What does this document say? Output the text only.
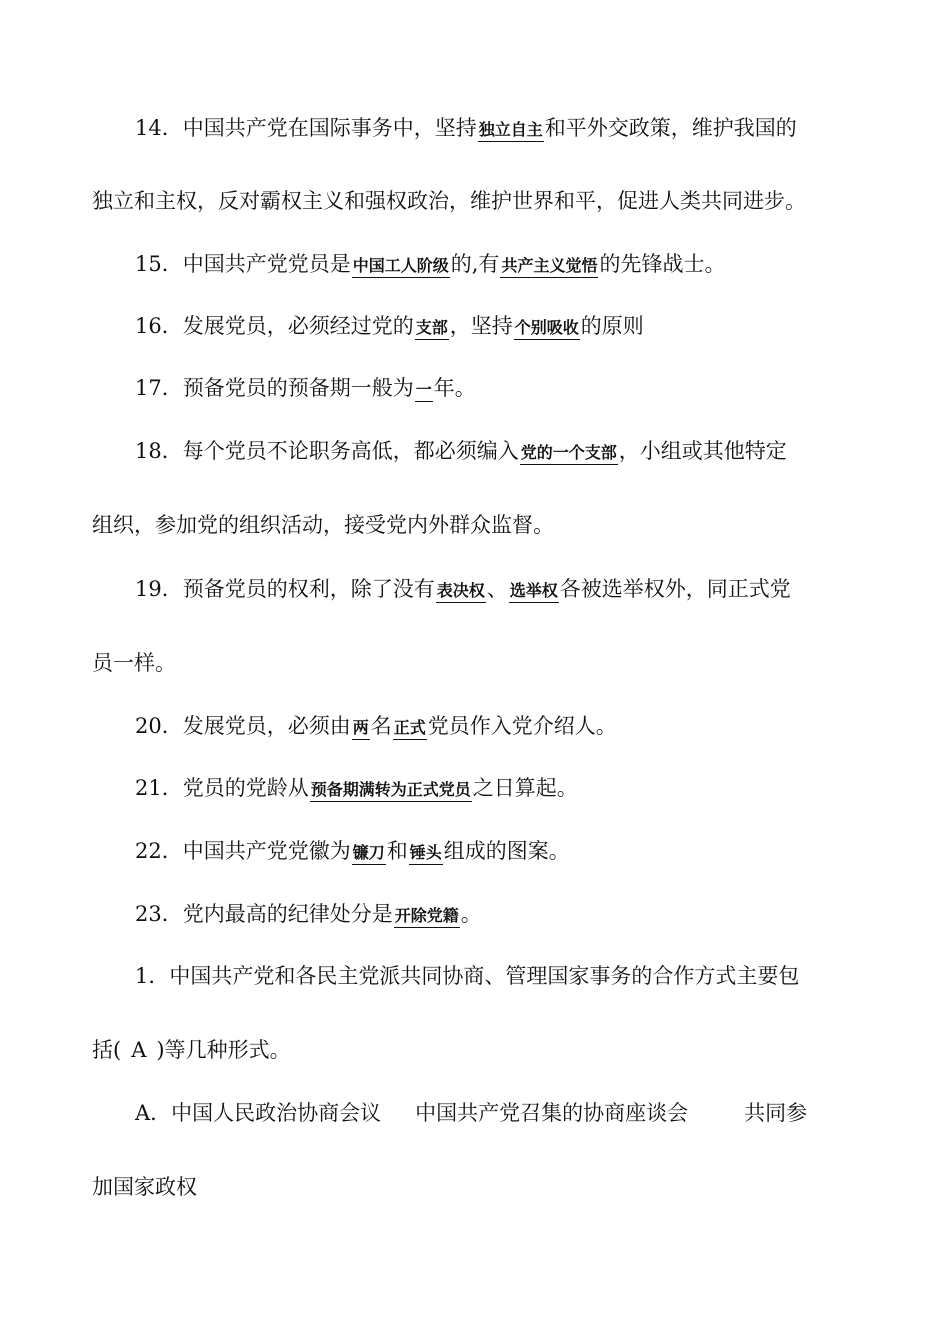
14．中国共产党在国际事务中，坚持 独立自主和平外交政策，维护我国的
独立和主权，反对霸权主义和强权政治，维护世界和平，促进人类共同进步。
15．中国共产党党员是 中国工人阶级的,有 共产主义觉悟的先锋战士。
16．发展党员，必须经过党的 支部，坚持 个别吸收的原则
17．预备党员的预备期一般为 一年。
18．每个党员不论职务高低，都必须编入 党的一个支部，小组或其他特定
组织，参加党的组织活动，接受党内外群众监督。
19．预备党员的权利，除了没有 表决权、 选举权各被选举权外，同正式党
员一样。
20．发展党员，必须由 两名 正式党员作入党介绍人。
21．党员的党龄从 预备期满转为正式党员之日算起。
22．中国共产党党徽为 镰刀和 锤头组成的图案。
23．党内最高的纪律处分是 开除党籍。
1．中国共产党和各民主党派共同协商、管理国家事务的合作方式主要包
括( A )等几种形式。
A．中国人民政治协商会议 中国共产党召集的协商座谈会	共同参
加国家政权
